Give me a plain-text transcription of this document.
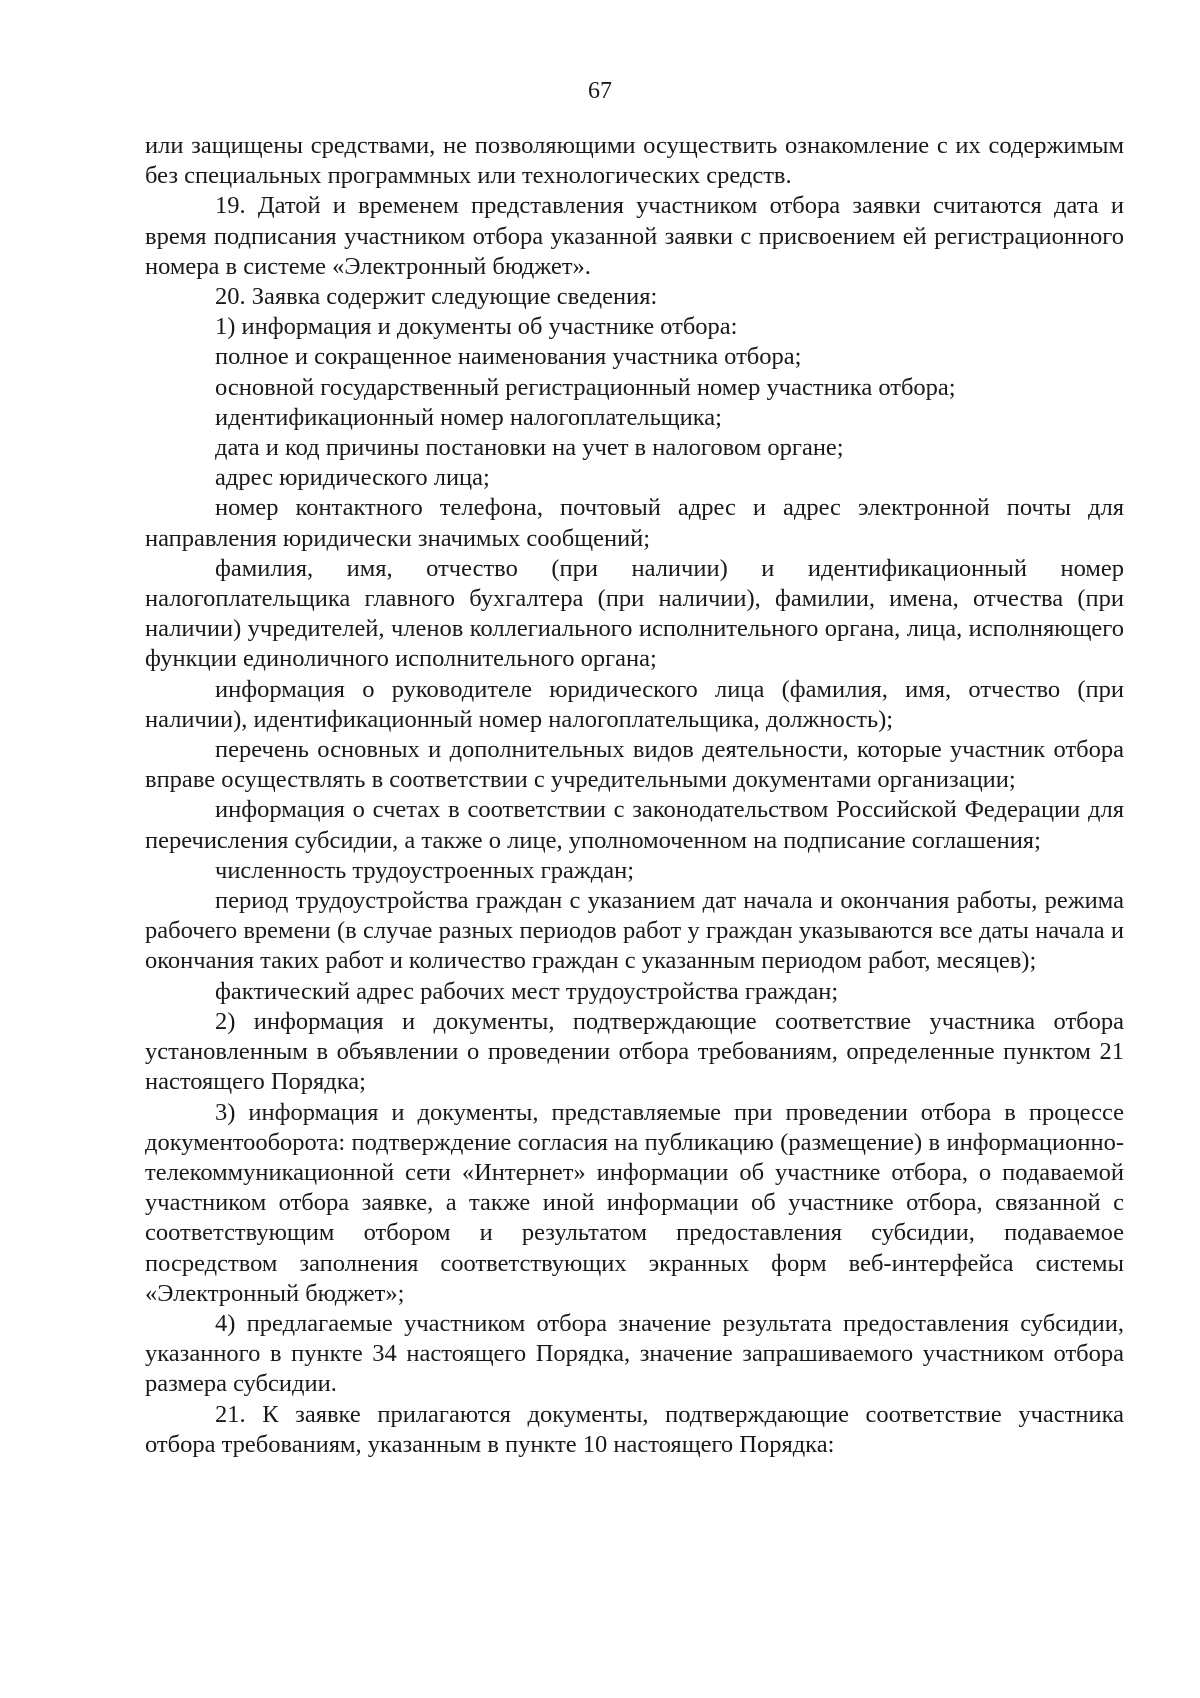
67

или защищены средствами, не позволяющими осуществить ознакомление с их содержимым без специальных программных или технологических средств.

19. Датой и временем представления участником отбора заявки считаются дата и время подписания участником отбора указанной заявки с присвоением ей регистрационного номера в системе «Электронный бюджет».

20. Заявка содержит следующие сведения:

1) информация и документы об участнике отбора:

полное и сокращенное наименования участника отбора;

основной государственный регистрационный номер участника отбора;

идентификационный номер налогоплательщика;

дата и код причины постановки на учет в налоговом органе;

адрес юридического лица;

номер контактного телефона, почтовый адрес и адрес электронной почты для направления юридически значимых сообщений;

фамилия, имя, отчество (при наличии) и идентификационный номер налогоплательщика главного бухгалтера (при наличии), фамилии, имена, отчества (при наличии) учредителей, членов коллегиального исполнительного органа, лица, исполняющего функции единоличного исполнительного органа;

информация о руководителе юридического лица (фамилия, имя, отчество (при наличии), идентификационный номер налогоплательщика, должность);

перечень основных и дополнительных видов деятельности, которые участник отбора вправе осуществлять в соответствии с учредительными документами организации;

информация о счетах в соответствии с законодательством Российской Федерации для перечисления субсидии, а также о лице, уполномоченном на подписание соглашения;

численность трудоустроенных граждан;

период трудоустройства граждан с указанием дат начала и окончания работы, режима рабочего времени (в случае разных периодов работ у граждан указываются все даты начала и окончания таких работ и количество граждан с указанным периодом работ, месяцев);

фактический адрес рабочих мест трудоустройства граждан;

2) информация и документы, подтверждающие соответствие участника отбора установленным в объявлении о проведении отбора требованиям, определенные пунктом 21 настоящего Порядка;

3) информация и документы, представляемые при проведении отбора в процессе документооборота: подтверждение согласия на публикацию (размещение) в информационно-телекоммуникационной сети «Интернет» информации об участнике отбора, о подаваемой участником отбора заявке, а также иной информации об участнике отбора, связанной с соответствующим отбором и результатом предоставления субсидии, подаваемое посредством заполнения соответствующих экранных форм веб-интерфейса системы «Электронный бюджет»;

4) предлагаемые участником отбора значение результата предоставления субсидии, указанного в пункте 34 настоящего Порядка, значение запрашиваемого участником отбора размера субсидии.

21. К заявке прилагаются документы, подтверждающие соответствие участника отбора требованиям, указанным в пункте 10 настоящего Порядка:
